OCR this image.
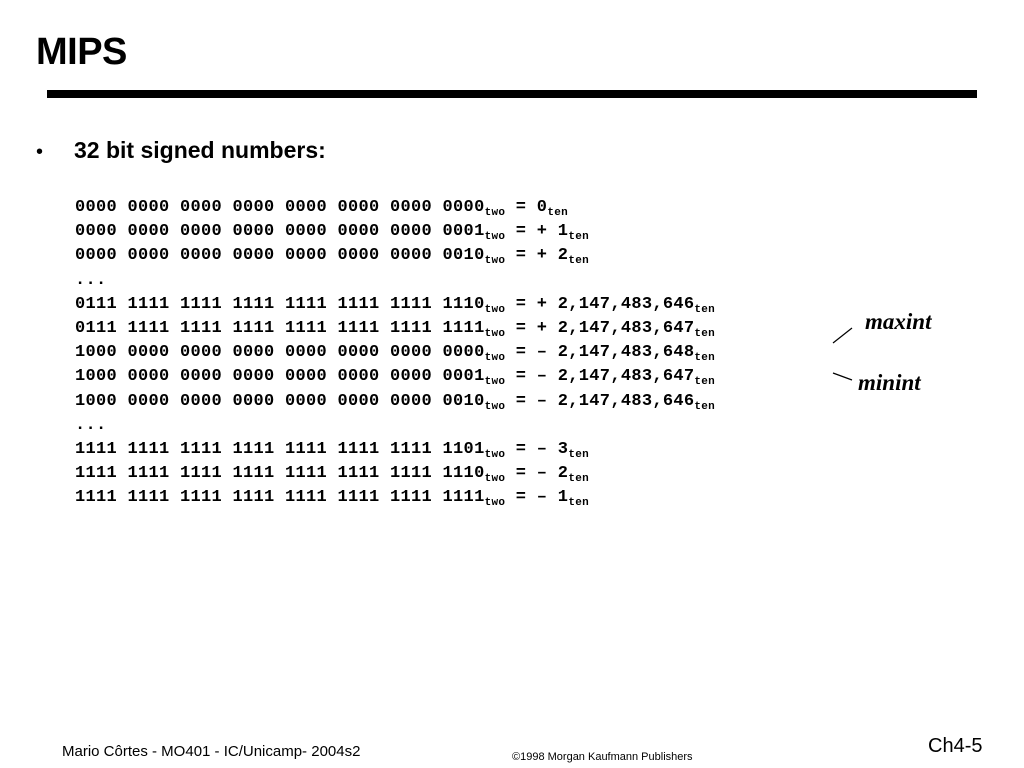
MIPS
•	32 bit signed numbers:
0000 0000 0000 0000 0000 0000 0000 $0000_{two} = 0_{ten}$
0000 0000 0000 0000 0000 0000 0000 $0001_{two}$ = + $1_{ten}$
0000 0000 0000 0000 0000 0000 0000 $0010_{two}$ = + $2_{ten}$
...
0111 1111 1111 1111 1111 1111 1111 $1110_{two}$ = + $2,147,483,646_{ten}$
0111 1111 1111 1111 1111 1111 1111 $1111_{two}$ = + $2,147,483,647_{ten}$
1000 0000 0000 0000 0000 0000 0000 $0000_{two}$ = – $2,147,483,648_{ten}$
1000 0000 0000 0000 0000 0000 0000 $0001_{two}$ = – $2,147,483,647_{ten}$
1000 0000 0000 0000 0000 0000 0000 $0010_{two}$ = – $2,147,483,646_{ten}$
...
1111 1111 1111 1111 1111 1111 1111 $1101_{two}$ = – $3_{ten}$
1111 1111 1111 1111 1111 1111 1111 $1110_{two}$ = – $2_{ten}$
1111 1111 1111 1111 1111 1111 1111 $1111_{two}$ = – $1_{ten}$
maxint
minint
Mario Côrtes - MO401 - IC/Unicamp- 2004s2	©1998 Morgan Kaufmann Publishers	Ch4-5
